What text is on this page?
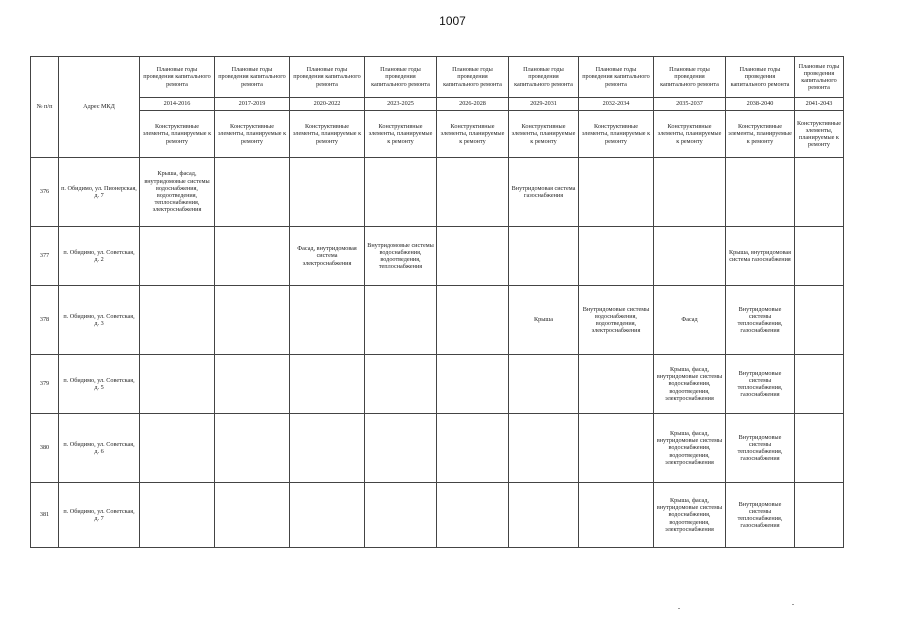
1007
№ п/п	Адрес МКД	Плановые годы проведения капитального ремонта	Плановые годы проведения капитального ремонта	Плановые годы проведения капитального ремонта	Плановые годы проведения капитального ремонта	Плановые годы проведения капитального ремонта	Плановые годы проведения капитального ремонта	Плановые годы проведения капитального ремонта	Плановые годы проведения капитального ремонта	Плановые годы проведения капитального ремонта	Плановые годы проведения капитального ремонта
		2014-2016	2017-2019	2020-2022	2023-2025	2026-2028	2029-2031	2032-2034	2035-2037	2038-2040	2041-2043
		Конструктивные элементы, планируемые к ремонту	Конструктивные элементы, планируемые к ремонту	Конструктивные элементы, планируемые к ремонту	Конструктивные элементы, планируемые к ремонту	Конструктивные элементы, планируемые к ремонту	Конструктивные элементы, планируемые к ремонту	Конструктивные элементы, планируемые к ремонту	Конструктивные элементы, планируемые к ремонту	Конструктивные элементы, планируемые к ремонту	Конструктивные элементы, планируемые к ремонту
376	п. Обидимо, ул. Пионерская, д. 7	Крыша, фасад, внутридомовые системы водоснабжения, водоотведения, теплоснабжения, электроснабжения					Внутридомовая система газоснабжения				
377	п. Обидимо, ул. Советская, д. 2			Фасад, внутридомовая система электроснабжения	Внутридомовые системы водоснабжения, водоотведения, теплоснабжения					Крыша, внутридомовая система газоснабжения	
378	п. Обидимо, ул. Советская, д. 3						Крыша	Внутридомовые системы водоснабжения, водоотведения, электроснабжения	Фасад	Внутридомовые системы теплоснабжения, газоснабжения	
379	п. Обидимо, ул. Советская, д. 5								Крыша, фасад, внутридомовые системы водоснабжения, водоотведения, электроснабжения	Внутридомовые системы теплоснабжения, газоснабжения	
380	п. Обидимо, ул. Советская, д. 6								Крыша, фасад, внутридомовые системы водоснабжения, водоотведения, электроснабжения	Внутридомовые системы теплоснабжения, газоснабжения	
381	п. Обидимо, ул. Советская, д. 7								Крыша, фасад, внутридомовые системы водоснабжения, водоотведения, электроснабжения	Внутридомовые системы теплоснабжения, газоснабжения	
